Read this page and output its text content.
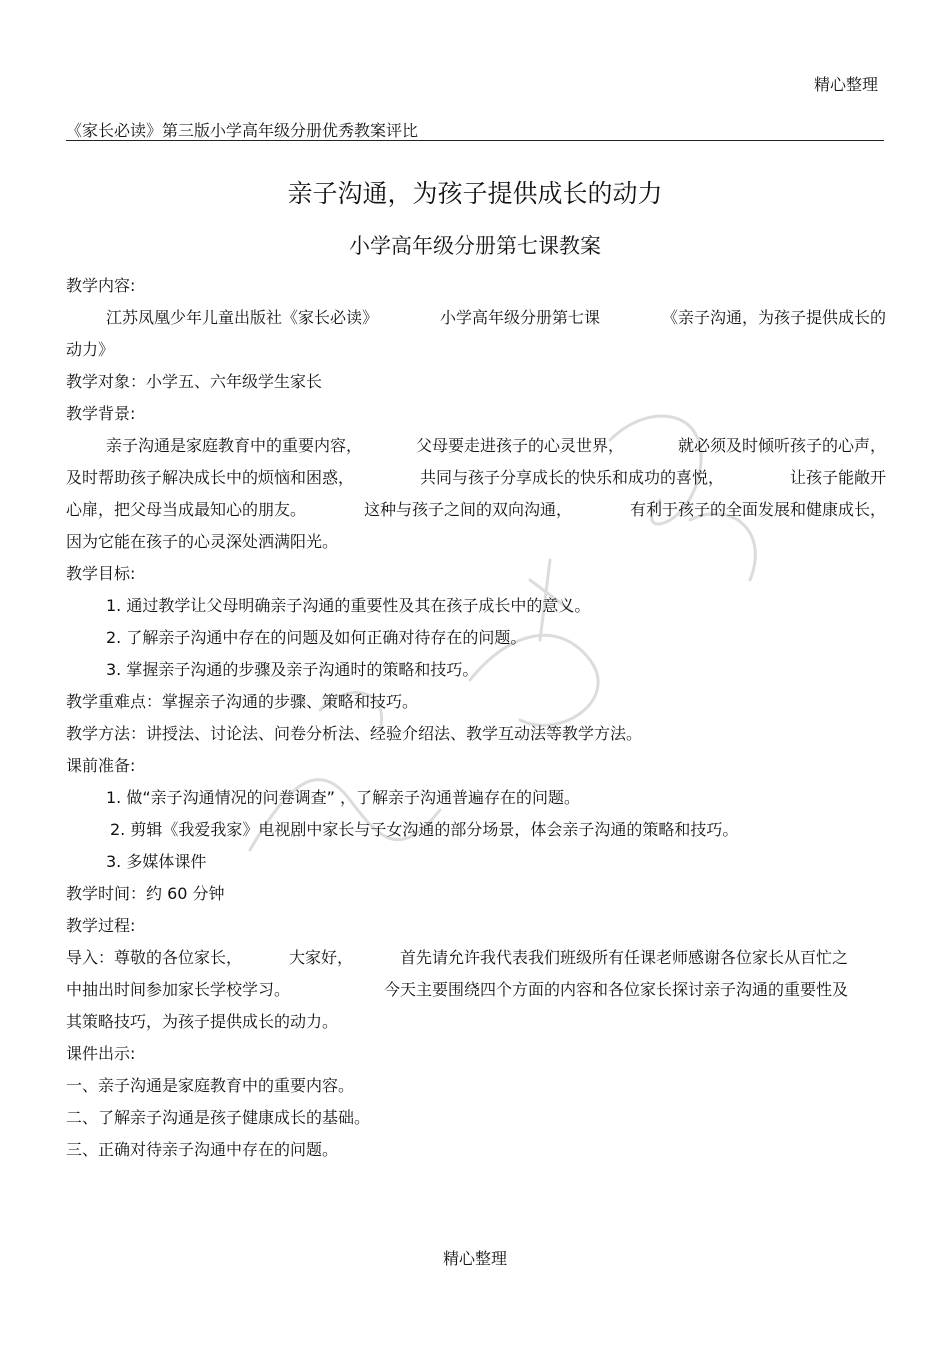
精心整理
《家长必读》第三版小学高年级分册优秀教案评比
亲子沟通，为孩子提供成长的动力
小学高年级分册第七课教案
教学内容:
江苏凤凰少年儿童出版社《家长必读》	小学高年级分册第七课	《亲子沟通，为孩子提供成长的
动力》
教学对象：小学五、六年级学生家长
教学背景:
亲子沟通是家庭教育中的重要内容，	父母要走进孩子的心灵世界，	就必须及时倾听孩子的心声，
及时帮助孩子解决成长中的烦恼和困惑，	共同与孩子分享成长的快乐和成功的喜悦，	让孩子能敞开
心扉，把父母当成最知心的朋友。	这种与孩子之间的双向沟通，	有利于孩子的全面发展和健康成长，
因为它能在孩子的心灵深处洒满阳光。
教学目标:
1. 通过教学让父母明确亲子沟通的重要性及其在孩子成长中的意义。
2. 了解亲子沟通中存在的问题及如何正确对待存在的问题。
3. 掌握亲子沟通的步骤及亲子沟通时的策略和技巧。
教学重难点：掌握亲子沟通的步骤、策略和技巧。
教学方法：讲授法、讨论法、问卷分析法、经验介绍法、教学互动法等教学方法。
课前准备:
1. 做“亲子沟通情况的问卷调查” ，了解亲子沟通普遍存在的问题。
2. 剪辑《我爱我家》电视剧中家长与子女沟通的部分场景，体会亲子沟通的策略和技巧。
3. 多媒体课件
教学时间：约 60 分钟
教学过程:
导入：尊敬的各位家长，	大家好，	首先请允许我代表我们班级所有任课老师感谢各位家长从百忙之
中抽出时间参加家长学校学习。	今天主要围绕四个方面的内容和各位家长探讨亲子沟通的重要性及
其策略技巧，为孩子提供成长的动力。
课件出示:
一、亲子沟通是家庭教育中的重要内容。
二、了解亲子沟通是孩子健康成长的基础。
三、正确对待亲子沟通中存在的问题。
精心整理
